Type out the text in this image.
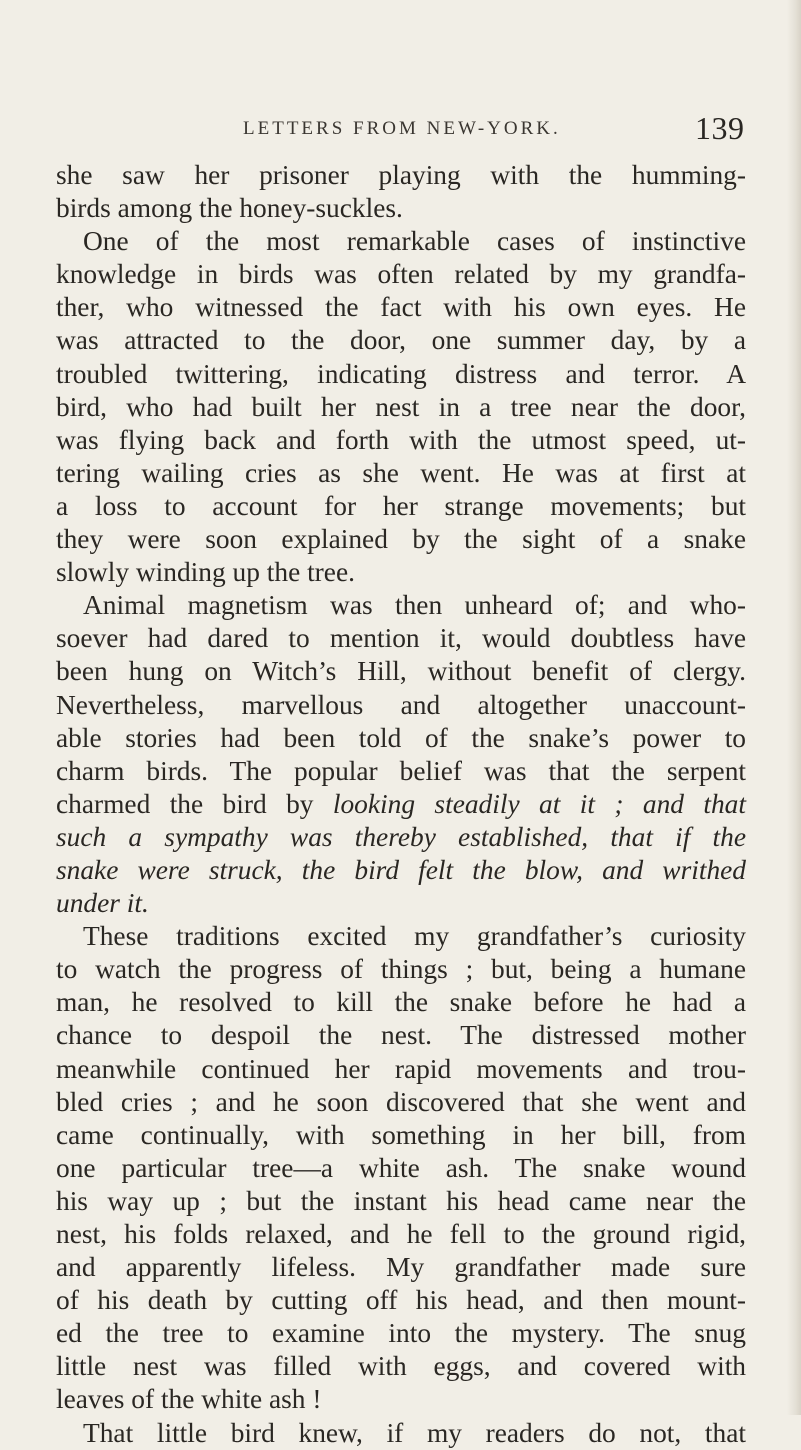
LETTERS FROM NEW-YORK.	139
she saw her prisoner playing with the humming-
birds among the honey-suckles.
One of the most remarkable cases of instinctive
knowledge in birds was often related by my grandfa-
ther, who witnessed the fact with his own eyes. He
was attracted to the door, one summer day, by a
troubled twittering, indicating distress and terror. A
bird, who had built her nest in a tree near the door,
was flying back and forth with the utmost speed, ut-
tering wailing cries as she went. He was at first at
a loss to account for her strange movements; but
they were soon explained by the sight of a snake
slowly winding up the tree.
Animal magnetism was then unheard of; and who-
soever had dared to mention it, would doubtless have
been hung on Witch’s Hill, without benefit of clergy.
Nevertheless, marvellous and altogether unaccount-
able stories had been told of the snake’s power to
charm birds. The popular belief was that the serpent
charmed the bird by looking steadily at it ; and that
such a sympathy was thereby established, that if the
snake were struck, the bird felt the blow, and writhed
under it.
These traditions excited my grandfather’s curiosity
to watch the progress of things ; but, being a humane
man, he resolved to kill the snake before he had a
chance to despoil the nest. The distressed mother
meanwhile continued her rapid movements and trou-
bled cries ; and he soon discovered that she went and
came continually, with something in her bill, from
one particular tree—a white ash. The snake wound
his way up ; but the instant his head came near the
nest, his folds relaxed, and he fell to the ground rigid,
and apparently lifeless. My grandfather made sure
of his death by cutting off his head, and then mount-
ed the tree to examine into the mystery. The snug
little nest was filled with eggs, and covered with
leaves of the white ash !
That little bird knew, if my readers do not, that
